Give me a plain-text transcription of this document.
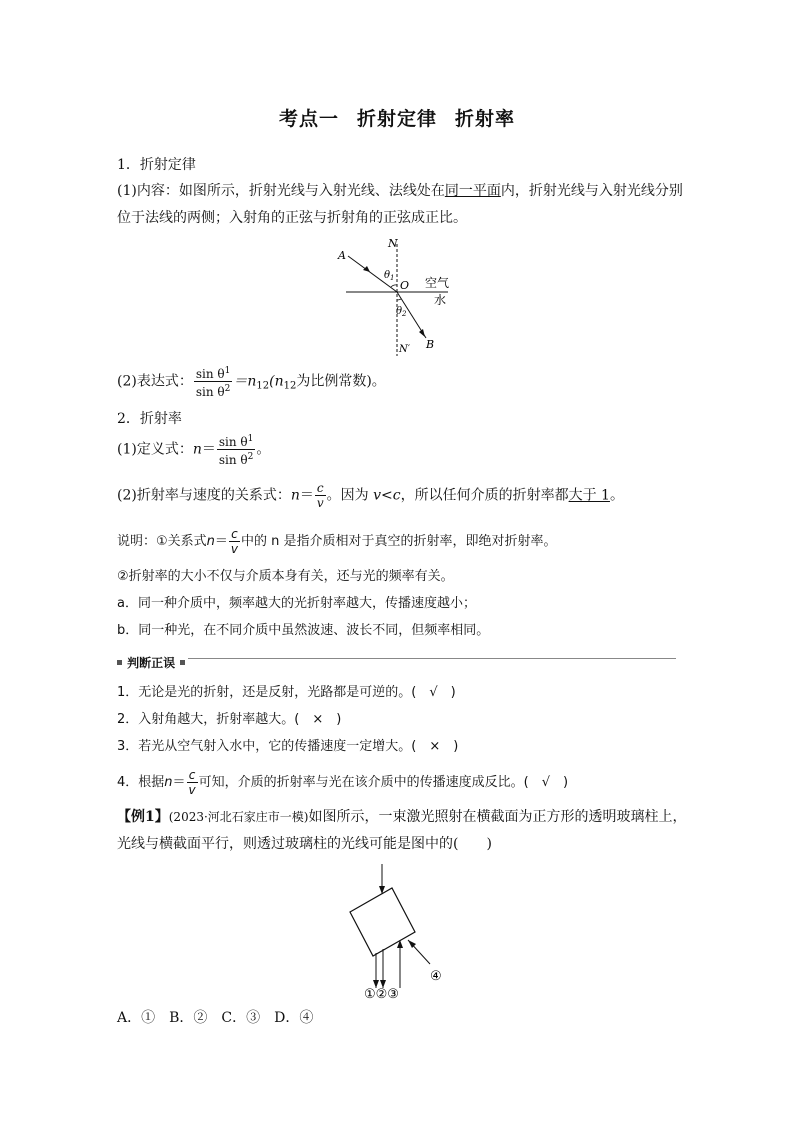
考点一 折射定律 折射率
1．折射定律
(1)内容：如图所示，折射光线与入射光线、法线处在同一平面内，折射光线与入射光线分别
位于法线的两侧；入射角的正弦与折射角的正弦成正比。
A
N
$\theta_1$
O 空气
水
$\theta_2$
N′ B
(2)表达式： $\frac{\sin \theta^1}{\sin \theta^2} =n_{12}(n_{12}$为比例常数)。
2．折射率
(1)定义式：$n= \frac{\sin \theta^1}{\sin \theta^2}$ 。
(2)折射率与速度的关系式：$n= \frac{c}{v}$ 。因为 v<c，所以任何介质的折射率都大于 1。
说明：①关系式$n= \frac{c}{v}$ 中的 n 是指介质相对于真空的折射率，即绝对折射率。
②折射率的大小不仅与介质本身有关，还与光的频率有关。
a．同一种介质中，频率越大的光折射率越大，传播速度越小；
b．同一种光，在不同介质中虽然波速、波长不同，但频率相同。
判断正误
1．无论是光的折射，还是反射，光路都是可逆的。(　√　)
2．入射角越大，折射率越大。(　×　)
3．若光从空气射入水中，它的传播速度一定增大。(　×　)
4．根据$n= \frac{c}{v}$ 可知，介质的折射率与光在该介质中的传播速度成反比。(　√　)
【例1】(2023·河北石家庄市一模)如图所示，一束激光照射在横截面为正方形的透明玻璃柱上，
光线与横截面平行，则透过玻璃柱的光线可能是图中的(　　)
④
①②③
A．①　B．②　C．③　D．④
